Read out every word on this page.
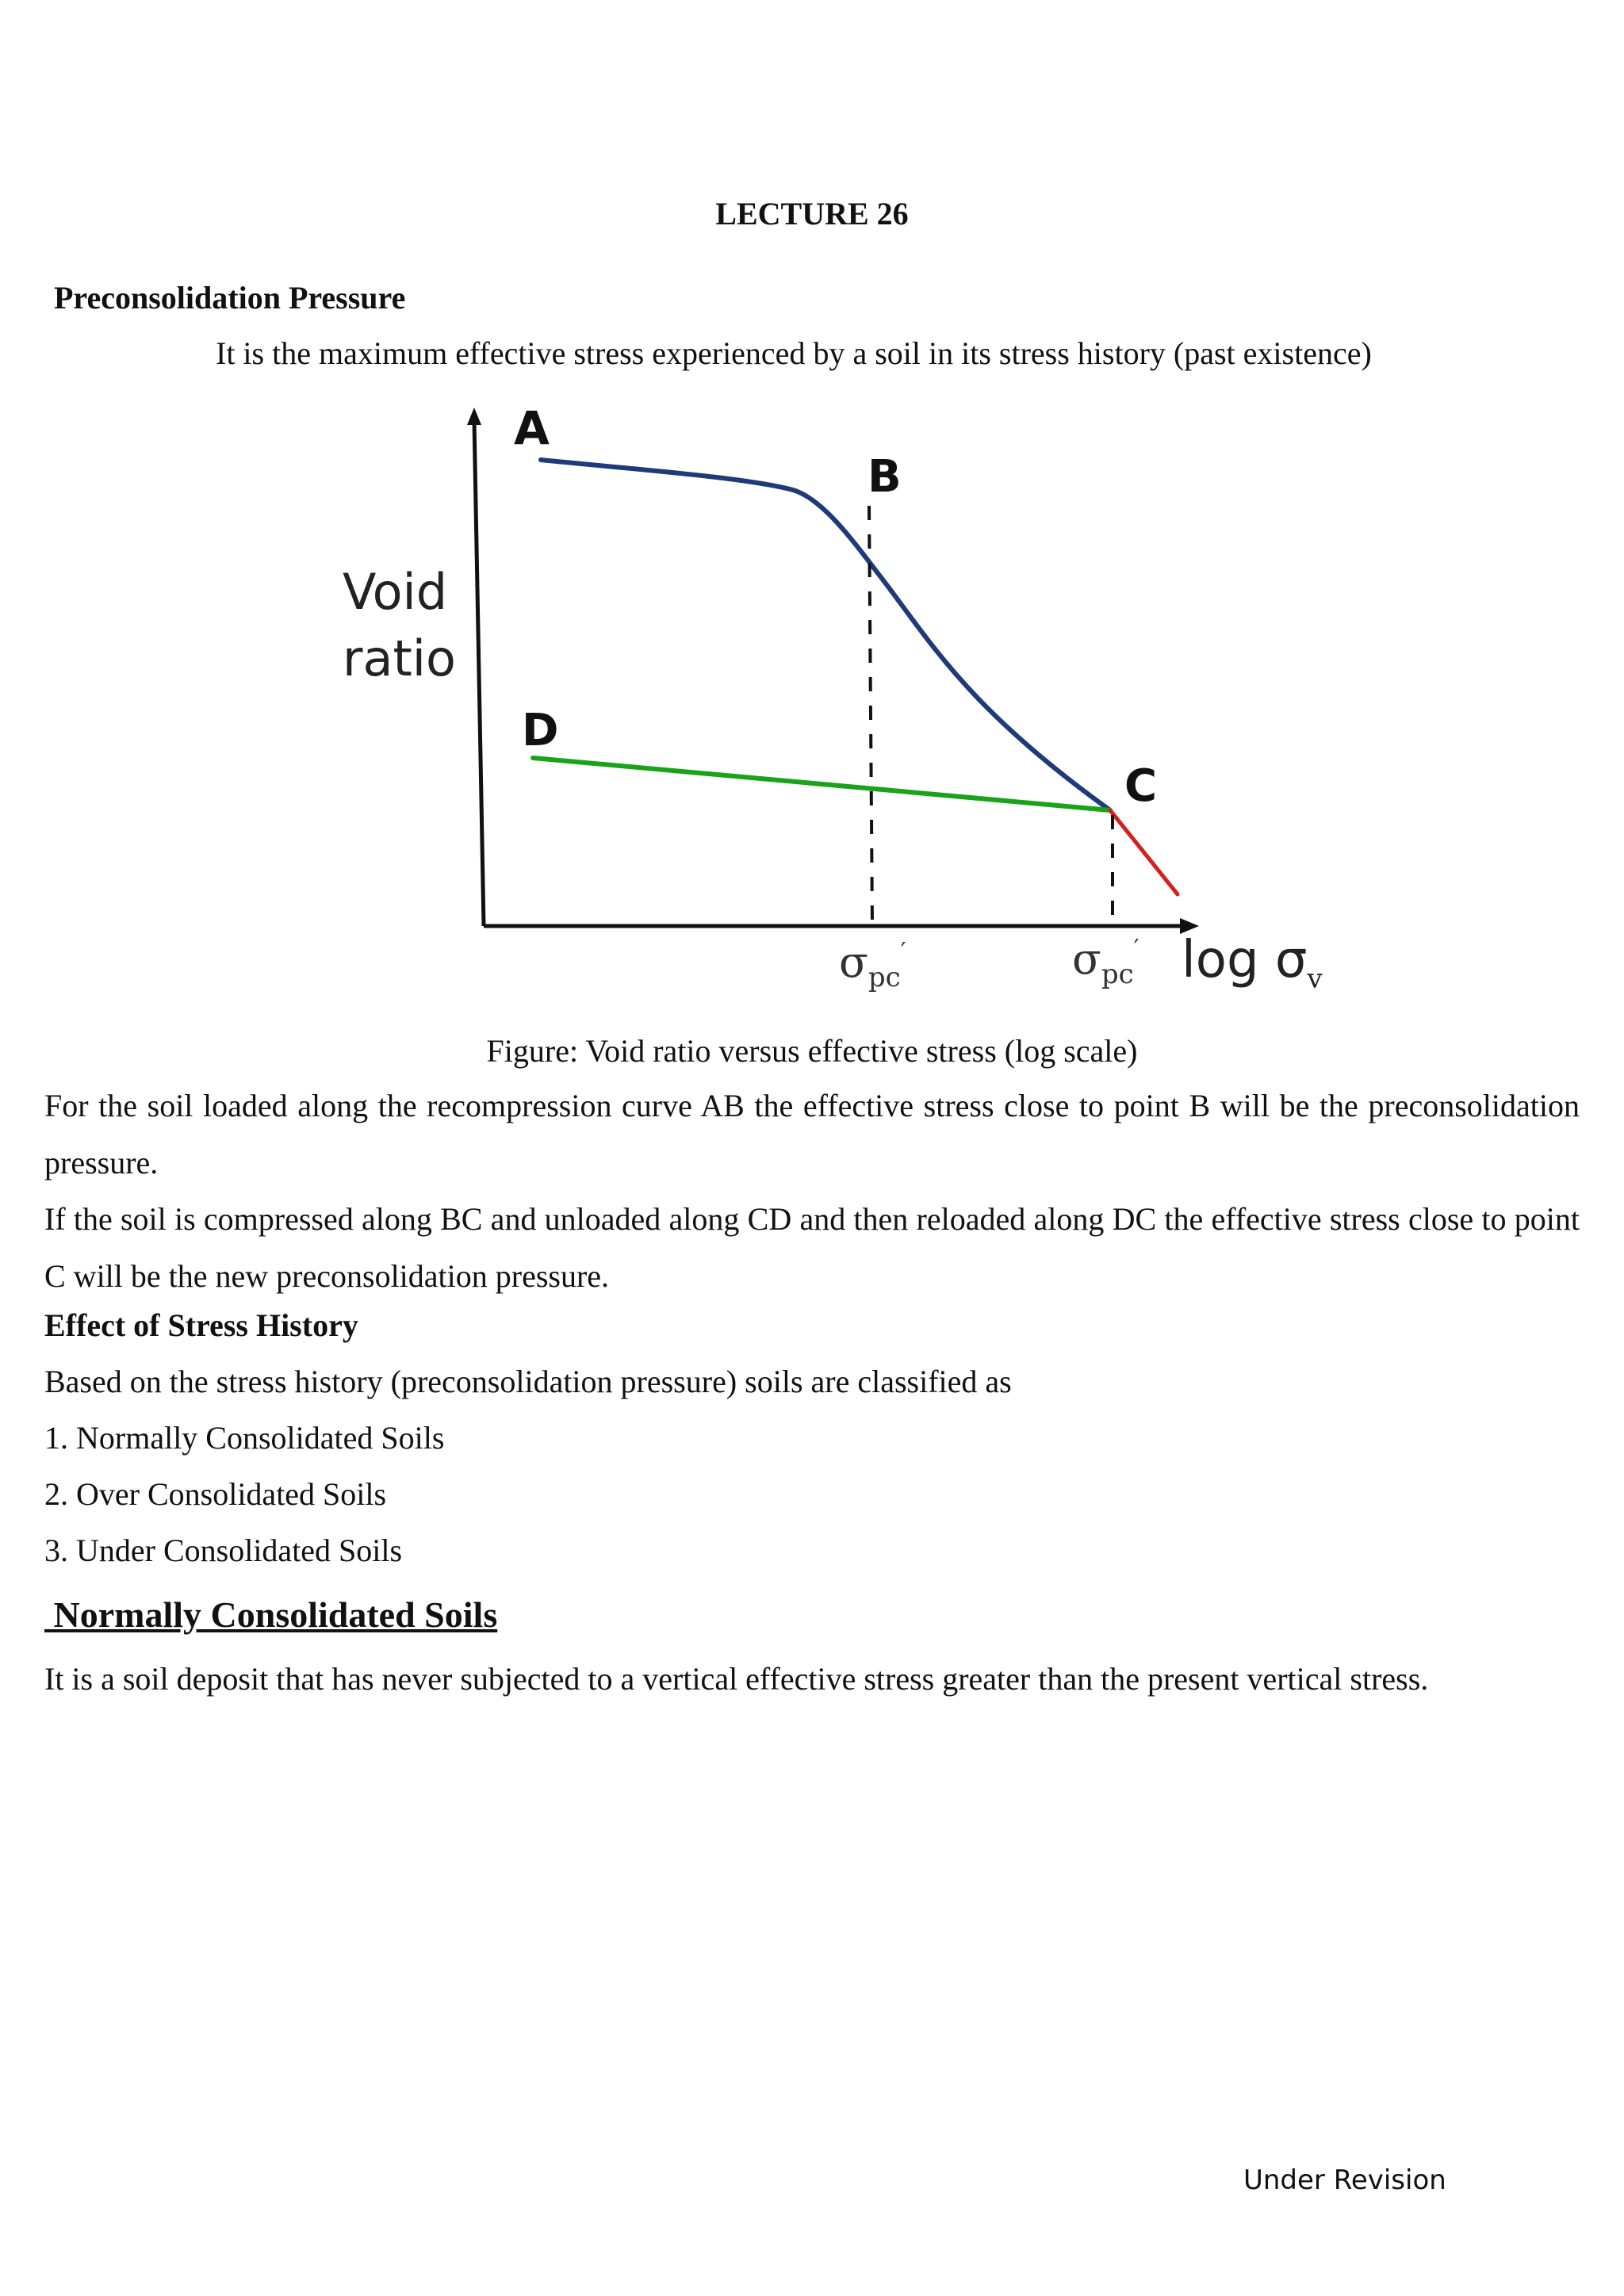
LECTURE 26
Preconsolidation Pressure
It is the maximum effective stress experienced by a soil in its stress history (past existence)
A
B
C
D
Void
ratio
$\sigma_{pc}'$	$\sigma_{pc}'$ $\log \sigma_v$
Figure: Void ratio versus effective stress (log scale)
For the soil loaded along the recompression curve AB the effective stress close to point B will be the preconsolidation pressure.
If the soil is compressed along BC and unloaded along CD and then reloaded along DC the effective stress close to point C will be the new preconsolidation pressure.
Effect of Stress History
Based on the stress history (preconsolidation pressure) soils are classified as
1. Normally Consolidated Soils
2. Over Consolidated Soils
3. Under Consolidated Soils
Normally Consolidated Soils
It is a soil deposit that has never subjected to a vertical effective stress greater than the present vertical stress.
Under Revision
